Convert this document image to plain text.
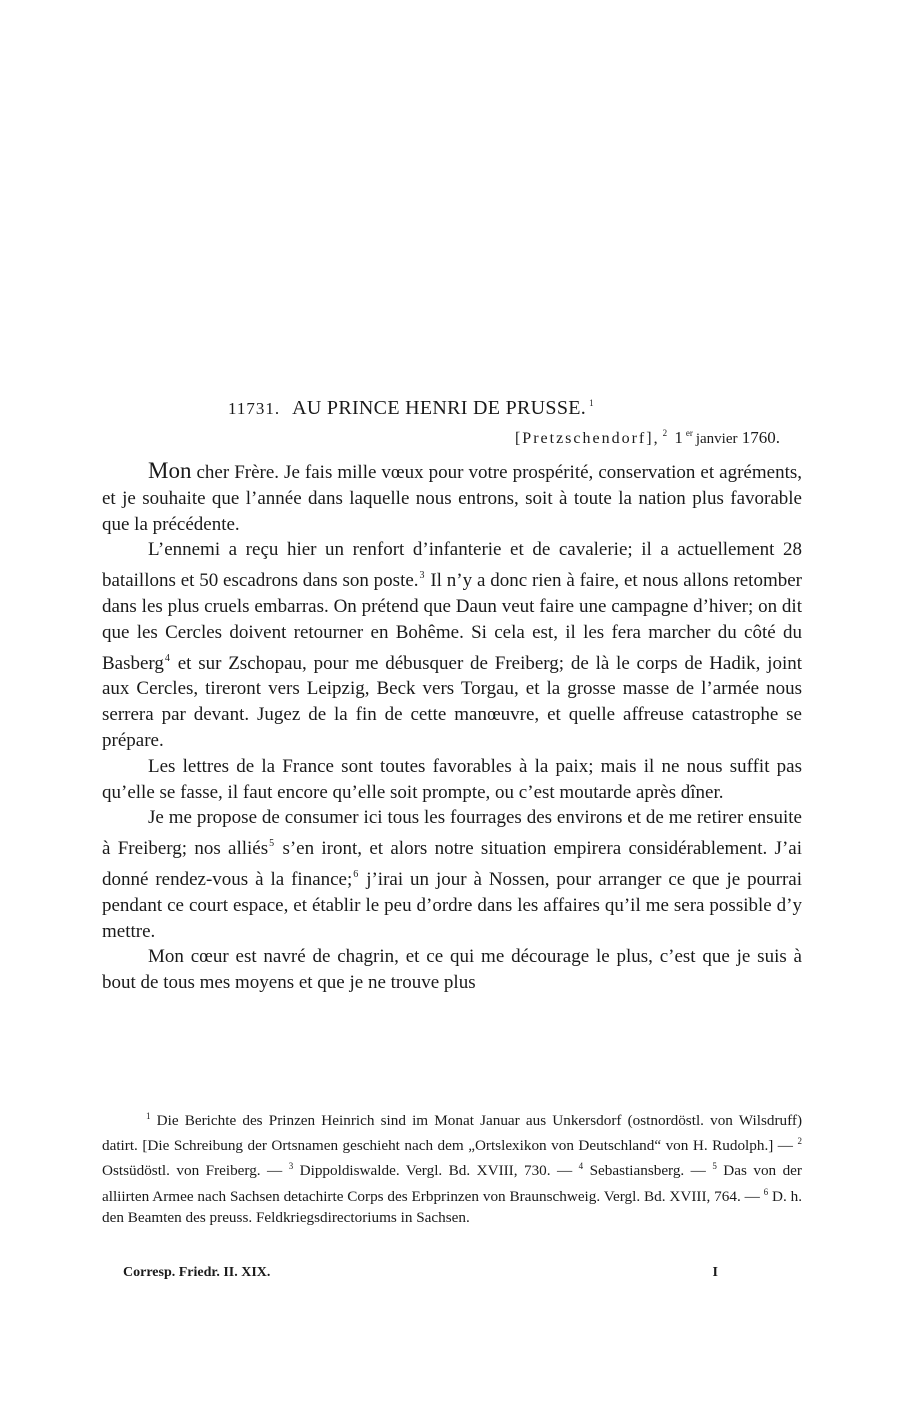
11731. AU PRINCE HENRI DE PRUSSE. $^1$
[Pretzschendorf], $^2$ 1 $^{er}$ janvier 1760.

Mon cher Frère. Je fais mille vœux pour votre prospérité, conservation et agréments, et je souhaite que l’année dans laquelle nous entrons, soit à toute la nation plus favorable que la précédente.

L’ennemi a reçu hier un renfort d’infanterie et de cavalerie; il a actuellement 28 bataillons et 50 escadrons dans son poste.$^3$ Il n’y a donc rien à faire, et nous allons retomber dans les plus cruels embarras. On prétend que Daun veut faire une campagne d’hiver; on dit que les Cercles doivent retourner en Bohême. Si cela est, il les fera marcher du côté du Basberg$^4$ et sur Zschopau, pour me débusquer de Freiberg; de là le corps de Hadik, joint aux Cercles, tireront vers Leipzig, Beck vers Torgau, et la grosse masse de l’armée nous serrera par devant. Jugez de la fin de cette manœuvre, et quelle affreuse catastrophe se prépare.

Les lettres de la France sont toutes favorables à la paix; mais il ne nous suffit pas qu’elle se fasse, il faut encore qu’elle soit prompte, ou c’est moutarde après dîner.

Je me propose de consumer ici tous les fourrages des environs et de me retirer ensuite à Freiberg; nos alliés$^5$ s’en iront, et alors notre situation empirera considérablement. J’ai donné rendez-vous à la finance;$^6$ j’irai un jour à Nossen, pour arranger ce que je pourrai pendant ce court espace, et établir le peu d’ordre dans les affaires qu’il me sera possible d’y mettre.

Mon cœur est navré de chagrin, et ce qui me décourage le plus, c’est que je suis à bout de tous mes moyens et que je ne trouve plus

$^1$ Die Berichte des Prinzen Heinrich sind im Monat Januar aus Unkersdorf (ostnordöstl. von Wilsdruff) datirt. [Die Schreibung der Ortsnamen geschieht nach dem „Ortslexikon von Deutschland“ von H. Rudolph.] — $^2$ Ostsüdöstl. von Freiberg. — $^3$ Dippoldiswalde. Vergl. Bd. XVIII, 730. — $^4$ Sebastiansberg. — $^5$ Das von der alliirten Armee nach Sachsen detachirte Corps des Erbprinzen von Braunschweig. Vergl. Bd. XVIII, 764. — $^6$ D. h. den Beamten des preuss. Feldkriegsdirectoriums in Sachsen.

Corresp. Friedr. II. XIX.	I
